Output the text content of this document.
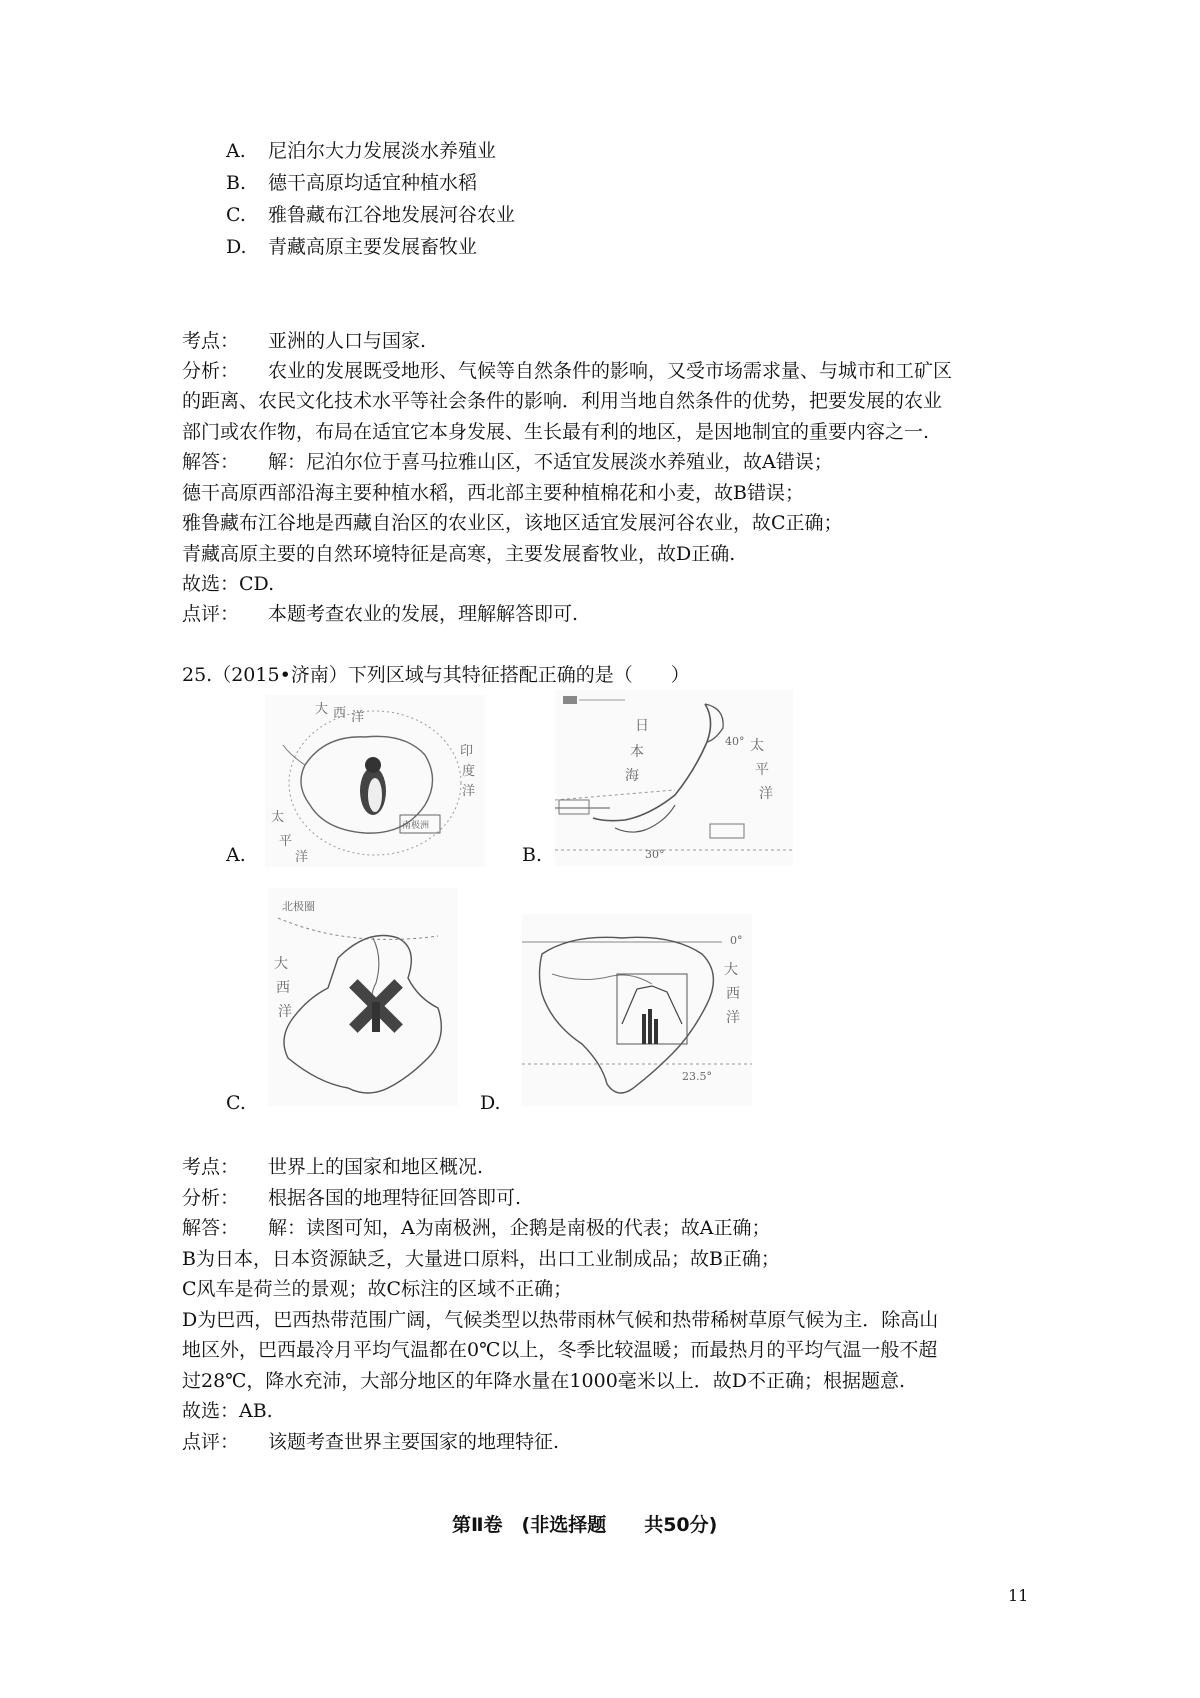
A. 尼泊尔大力发展淡水养殖业
B. 德干高原均适宜种植水稻
C. 雅鲁藏布江谷地发展河谷农业
D. 青藏高原主要发展畜牧业
考点： 亚洲的人口与国家.
分析： 农业的发展既受地形、气候等自然条件的影响，又受市场需求量、与城市和工矿区
的距离、农民文化技术水平等社会条件的影响．利用当地自然条件的优势，把要发展的农业
部门或农作物，布局在适宜它本身发展、生长最有利的地区，是因地制宜的重要内容之一.
解答： 解：尼泊尔位于喜马拉雅山区，不适宜发展淡水养殖业，故A错误；
德干高原西部沿海主要种植水稻，西北部主要种植棉花和小麦，故B错误；
雅鲁藏布江谷地是西藏自治区的农业区，该地区适宜发展河谷农业，故C正确；
青藏高原主要的自然环境特征是高寒，主要发展畜牧业，故D正确.
故选：CD.
点评： 本题考查农业的发展，理解解答即可.
25.（2015•济南）下列区域与其特征搭配正确的是（　　）
A.
大 西 洋
印
度
洋
太
平
洋
南极洲
B.
日
本
海
太
平
洋
40°
30°
C.
北极圈
大
西
洋
D.
0°
大
西
洋
23.5°
考点： 世界上的国家和地区概况.
分析： 根据各国的地理特征回答即可.
解答： 解：读图可知，A为南极洲，企鹅是南极的代表；故A正确；
B为日本，日本资源缺乏，大量进口原料，出口工业制成品；故B正确；
C风车是荷兰的景观；故C标注的区域不正确；
D为巴西，巴西热带范围广阔，气候类型以热带雨林气候和热带稀树草原气候为主．除高山
地区外，巴西最冷月平均气温都在0℃以上，冬季比较温暖；而最热月的平均气温一般不超
过28℃，降水充沛，大部分地区的年降水量在1000毫米以上．故D不正确；根据题意.
故选：AB.
点评： 该题考查世界主要国家的地理特征.
第Ⅱ卷　(非选择题　　共50分)
11
